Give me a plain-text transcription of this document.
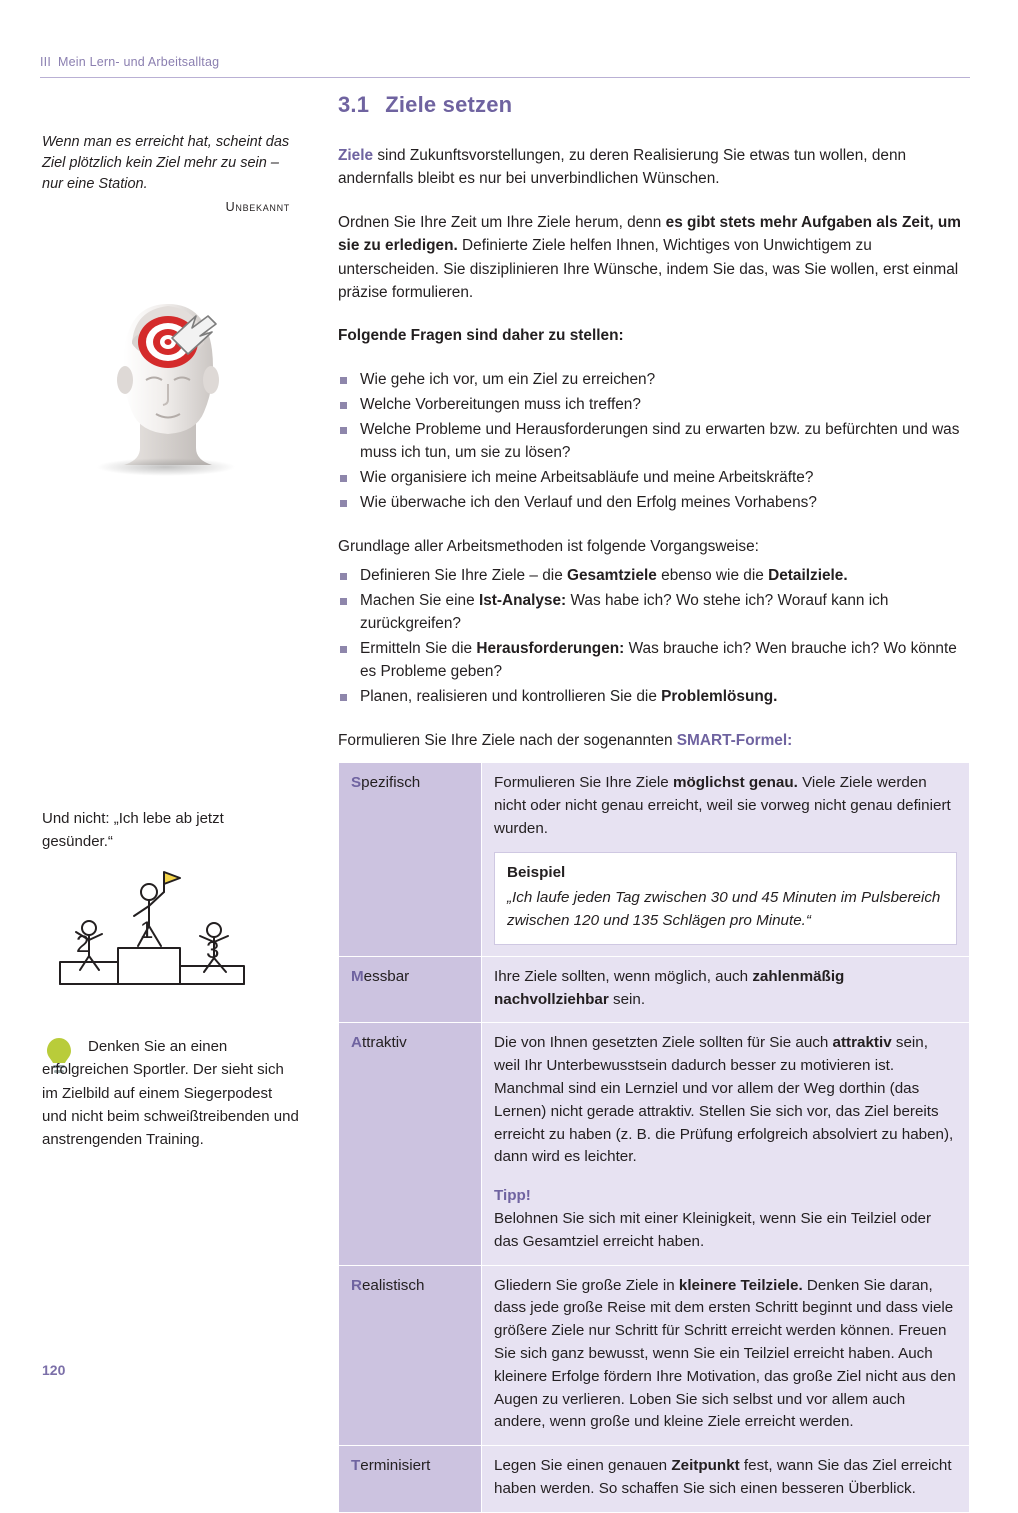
III Mein Lern- und Arbeitsalltag
Wenn man es erreicht hat, scheint das Ziel plötzlich kein Ziel mehr zu sein – nur eine Station.
Unbekannt
Und nicht: „Ich lebe ab jetzt gesünder.“
2
1
3
Denken Sie an einen erfolgreichen Sportler. Der sieht sich im Zielbild auf einem Siegerpodest und nicht beim schweißtreibenden und anstrengenden Training.
120
3.1 Ziele setzen

Ziele sind Zukunftsvorstellungen, zu deren Realisierung Sie etwas tun wollen, denn andernfalls bleibt es nur bei unverbindlichen Wünschen.

Ordnen Sie Ihre Zeit um Ihre Ziele herum, denn es gibt stets mehr Aufgaben als Zeit, um sie zu erledigen. Definierte Ziele helfen Ihnen, Wichtiges von Unwichtigem zu unterscheiden. Sie disziplinieren Ihre Wünsche, indem Sie das, was Sie wollen, erst einmal präzise formulieren.

Folgende Fragen sind daher zu stellen:

Wie gehe ich vor, um ein Ziel zu erreichen?
Welche Vorbereitungen muss ich treffen?
Welche Probleme und Herausforderungen sind zu erwarten bzw. zu befürchten und was muss ich tun, um sie zu lösen?
Wie organisiere ich meine Arbeitsabläufe und meine Arbeitskräfte?
Wie überwache ich den Verlauf und den Erfolg meines Vorhabens?

Grundlage aller Arbeitsmethoden ist folgende Vorgangsweise:

Definieren Sie Ihre Ziele – die Gesamtziele ebenso wie die Detailziele.
Machen Sie eine Ist-Analyse: Was habe ich? Wo stehe ich? Worauf kann ich zurückgreifen?
Ermitteln Sie die Herausforderungen: Was brauche ich? Wen brauche ich? Wo könnte es Probleme geben?
Planen, realisieren und kontrollieren Sie die Problemlösung.

Formulieren Sie Ihre Ziele nach der sogenannten SMART-Formel:

Spezifisch	Formulieren Sie Ihre Ziele möglichst genau. Viele Ziele werden nicht oder nicht genau erreicht, weil sie vorweg nicht genau definiert wurden.
Beispiel
„Ich laufe jeden Tag zwischen 30 und 45 Minuten im Pulsbereich zwischen 120 und 135 Schlägen pro Minute.“

Messbar	Ihre Ziele sollten, wenn möglich, auch zahlenmäßig nachvollziehbar sein.
Attraktiv	Die von Ihnen gesetzten Ziele sollten für Sie auch attraktiv sein, weil Ihr Unterbewusstsein dadurch besser zu motivieren ist. Manchmal sind ein Lernziel und vor allem der Weg dorthin (das Lernen) nicht gerade attraktiv. Stellen Sie sich vor, das Ziel bereits erreicht zu haben (z. B. die Prüfung erfolgreich absolviert zu haben), dann wird es leichter.
Tipp!
Belohnen Sie sich mit einer Kleinigkeit, wenn Sie ein Teilziel oder das Gesamtziel erreicht haben.

Realistisch	Gliedern Sie große Ziele in kleinere Teilziele. Denken Sie daran, dass jede große Reise mit dem ersten Schritt beginnt und dass viele größere Ziele nur Schritt für Schritt erreicht werden können. Freuen Sie sich ganz bewusst, wenn Sie ein Teilziel erreicht haben. Auch kleinere Erfolge fördern Ihre Motivation, das große Ziel nicht aus den Augen zu verlieren. Loben Sie sich selbst und vor allem auch andere, wenn große und kleine Ziele erreicht werden.
Terminisiert	Legen Sie einen genauen Zeitpunkt fest, wann Sie das Ziel erreicht haben werden. So schaffen Sie sich einen besseren Überblick.
